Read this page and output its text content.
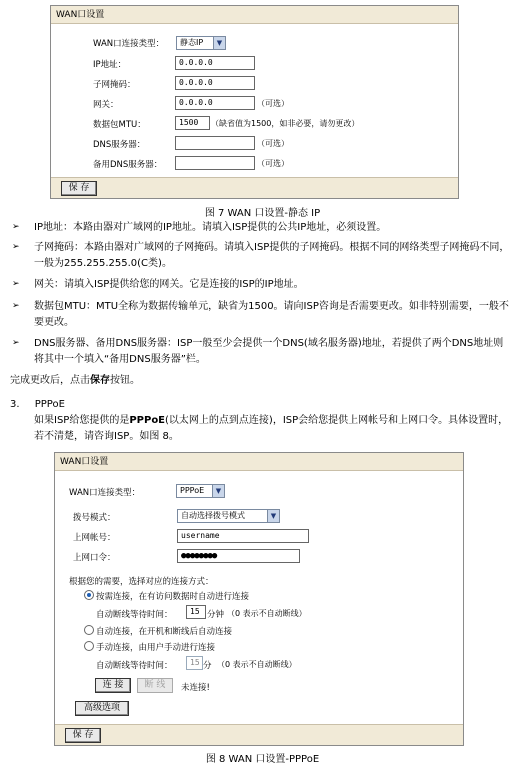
WAN口设置
WAN口连接类型：	静态IP	▼
IP地址：	0.0.0.0
子网掩码：	0.0.0.0
网关：	0.0.0.0	（可选）
数据包MTU：	1500	（缺省值为1500，如非必要，请勿更改）
DNS服务器：	（可选）
备用DNS服务器：	（可选）
保 存
图 7 WAN 口设置-静态 IP
➢ IP地址：本路由器对广域网的IP地址。请填入ISP提供的公共IP地址，必须设置。
➢ 子网掩码：本路由器对广域网的子网掩码。请填入ISP提供的子网掩码。根据不同的网络类型子网掩码不同，一般为255.255.255.0(C类)。
➢ 网关：请填入ISP提供给您的网关。它是连接的ISP的IP地址。
➢ 数据包MTU：MTU全称为数据传输单元，缺省为1500。请向ISP咨询是否需要更改。如非特别需要，一般不要更改。
➢ DNS服务器、备用DNS服务器：ISP一般至少会提供一个DNS(域名服务器)地址，若提供了两个DNS地址则将其中一个填入“备用DNS服务器”栏。
完成更改后，点击保存按钮。
3. PPPoE
如果ISP给您提供的是PPPoE(以太网上的点到点连接)，ISP会给您提供上网帐号和上网口令。具体设置时，若不清楚，请咨询ISP。如图 8。
WAN口设置
WAN口连接类型：	PPPoE	▼
拨号模式：	自动选择拨号模式	▼
上网帐号：	username
上网口令：	●●●●●●●●
根据您的需要，选择对应的连接方式：
按需连接，在有访问数据时自动进行连接
自动断线等待时间：	15 分钟 （0 表示不自动断线）
自动连接，在开机和断线后自动连接
手动连接，由用户手动进行连接
自动断线等待时间：	15 分 （0 表示不自动断线）
连 接	断 线	未连接!
高级选项
保 存
图 8 WAN 口设置-PPPoE
